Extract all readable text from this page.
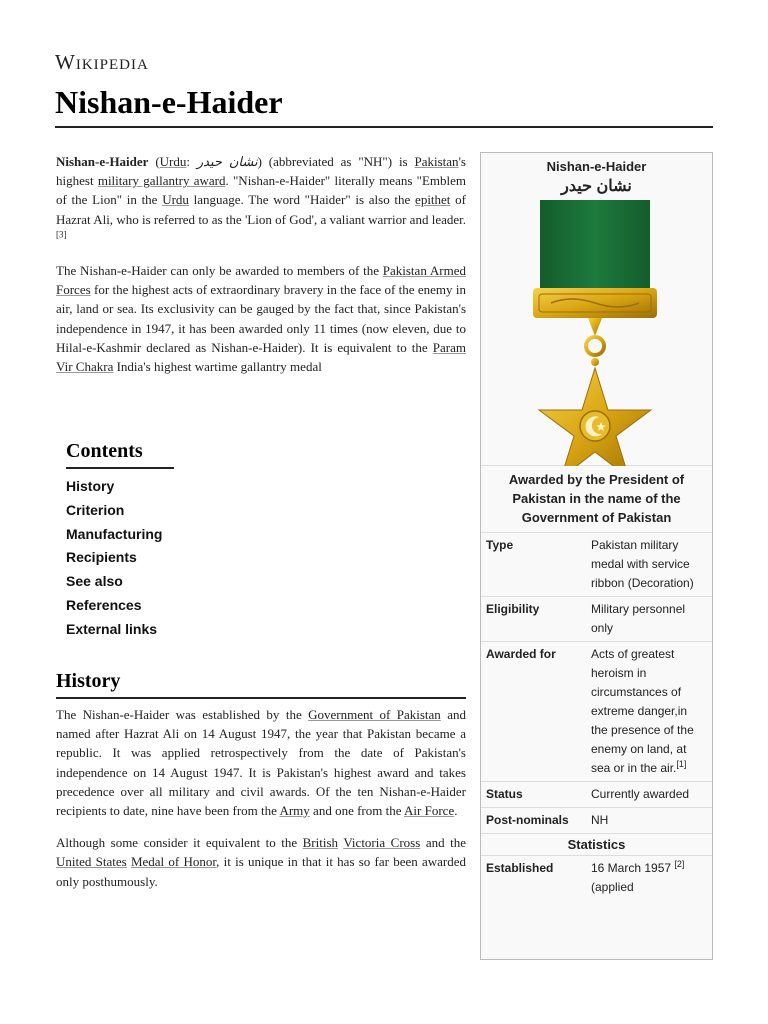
Wikipedia
Nishan-e-Haider

Nishan-e-Haider (Urdu: نشان حیدر) (abbreviated as "NH") is Pakistan's highest military gallantry award. "Nishan-e-Haider" literally means "Emblem of the Lion" in the Urdu language. The word "Haider" is also the epithet of Hazrat Ali, who is referred to as the 'Lion of God', a valiant warrior and leader.[3]

The Nishan-e-Haider can only be awarded to members of the Pakistan Armed Forces for the highest acts of extraordinary bravery in the face of the enemy in air, land or sea. Its exclusivity can be gauged by the fact that, since Pakistan's independence in 1947, it has been awarded only 11 times (now eleven, due to Hilal-e-Kashmir declared as Nishan-e-Haider). It is equivalent to the Param Vir Chakra India's highest wartime gallantry medal

Contents
History
Criterion
Manufacturing
Recipients
See also
References
External links
History

The Nishan-e-Haider was established by the Government of Pakistan and named after Hazrat Ali on 14 August 1947, the year that Pakistan became a republic. It was applied retrospectively from the date of Pakistan's independence on 14 August 1947. It is Pakistan's highest award and takes precedence over all military and civil awards. Of the ten Nishan-e-Haider recipients to date, nine have been from the Army and one from the Air Force.

Although some consider it equivalent to the British Victoria Cross and the United States Medal of Honor, it is unique in that it has so far been awarded only posthumously.

Nishan-e-Haider
نشان حیدر
Awarded by the President of Pakistan in the name of the Government of Pakistan
Type	Pakistan military medal with service ribbon (Decoration)
Eligibility	Military personnel only
Awarded for	Acts of greatest heroism in circumstances of extreme danger,in the presence of the enemy on land, at sea or in the air.[1]
Status	Currently awarded
Post-nominals	NH
Statistics
Established	16 March 1957 [2]
(applied
